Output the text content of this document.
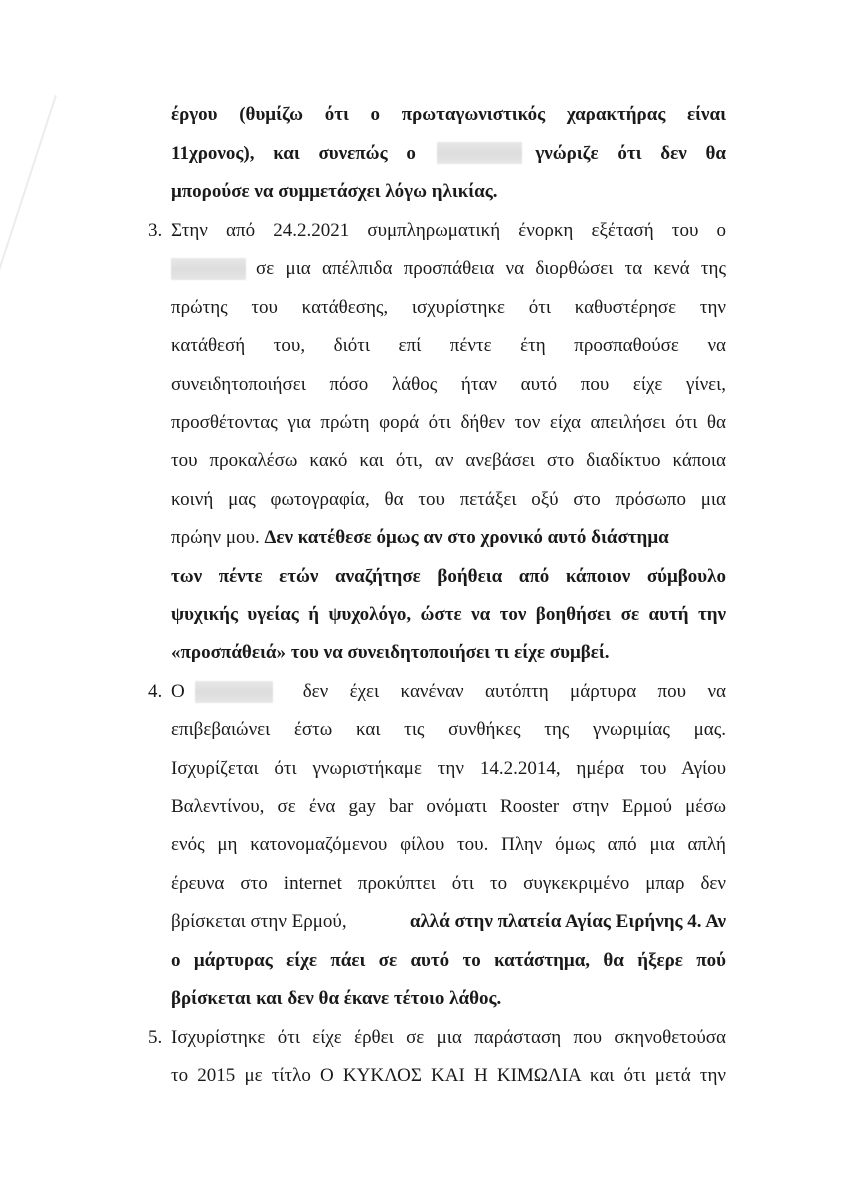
έργου (θυμίζω ότι ο πρωταγωνιστικός χαρακτήρας είναι
11χρονος), και συνεπώς ο	γνώριζε ότι δεν θα
μπορούσε να συμμετάσχει λόγω ηλικίας.
3. Στην από 24.2.2021 συμπληρωματική ένορκη εξέτασή του ο
σε μια απέλπιδα προσπάθεια να διορθώσει τα κενά της
πρώτης του κατάθεσης, ισχυρίστηκε ότι καθυστέρησε την
κατάθεσή του, διότι επί πέντε έτη προσπαθούσε να
συνειδητοποιήσει πόσο λάθος ήταν αυτό που είχε γίνει,
προσθέτοντας για πρώτη φορά ότι δήθεν τον είχα απειλήσει ότι θα
του προκαλέσω κακό και ότι, αν ανεβάσει στο διαδίκτυο κάποια
κοινή μας φωτογραφία, θα του πετάξει οξύ στο πρόσωπο μια
πρώην μου. Δεν κατέθεσε όμως αν στο χρονικό αυτό διάστημα
των πέντε ετών αναζήτησε βοήθεια από κάποιον σύμβουλο
ψυχικής υγείας ή ψυχολόγο, ώστε να τον βοηθήσει σε αυτή την
«προσπάθειά» του να συνειδητοποιήσει τι είχε συμβεί.
4. Ο	δεν έχει κανέναν αυτόπτη μάρτυρα που να
επιβεβαιώνει έστω και τις συνθήκες της γνωριμίας μας.
Ισχυρίζεται ότι γνωριστήκαμε την 14.2.2014, ημέρα του Αγίου
Βαλεντίνου, σε ένα gay bar ονόματι Rooster στην Ερμού μέσω
ενός μη κατονομαζόμενου φίλου του. Πλην όμως από μια απλή
έρευνα στο internet προκύπτει ότι το συγκεκριμένο μπαρ δεν
βρίσκεται στην Ερμού,	αλλά στην πλατεία Αγίας Ειρήνης 4. Αν
ο μάρτυρας είχε πάει σε αυτό το κατάστημα, θα ήξερε πού
βρίσκεται και δεν θα έκανε τέτοιο λάθος.
5. Ισχυρίστηκε ότι είχε έρθει σε μια παράσταση που σκηνοθετούσα
το 2015 με τίτλο Ο ΚΥΚΛΟΣ ΚΑΙ Η ΚΙΜΩΛΙΑ και ότι μετά την
